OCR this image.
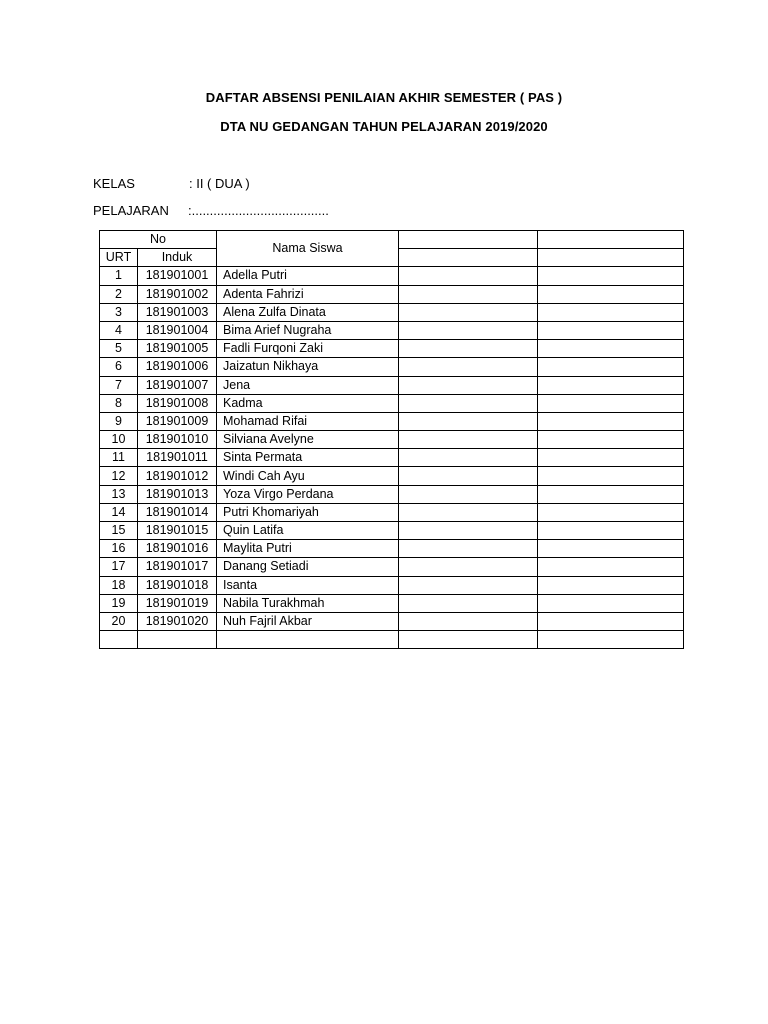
DAFTAR ABSENSI PENILAIAN AKHIR SEMESTER ( PAS )
DTA NU GEDANGAN TAHUN PELAJARAN 2019/2020
KELAS	: II ( DUA )
PELAJARAN :......................................
No		Nama Siswa		
URT	Induk			
1	181901001	Adella Putri		
2	181901002	Adenta Fahrizi		
3	181901003	Alena Zulfa Dinata		
4	181901004	Bima Arief Nugraha		
5	181901005	Fadli Furqoni Zaki		
6	181901006	Jaizatun Nikhaya		
7	181901007	Jena		
8	181901008	Kadma		
9	181901009	Mohamad Rifai		
10	181901010	Silviana Avelyne		
11	181901011	Sinta Permata		
12	181901012	Windi Cah Ayu		
13	181901013	Yoza Virgo Perdana		
14	181901014	Putri Khomariyah		
15	181901015	Quin Latifa		
16	181901016	Maylita Putri		
17	181901017	Danang Setiadi		
18	181901018	Isanta		
19	181901019	Nabila Turakhmah		
20	181901020	Nuh Fajril Akbar		
